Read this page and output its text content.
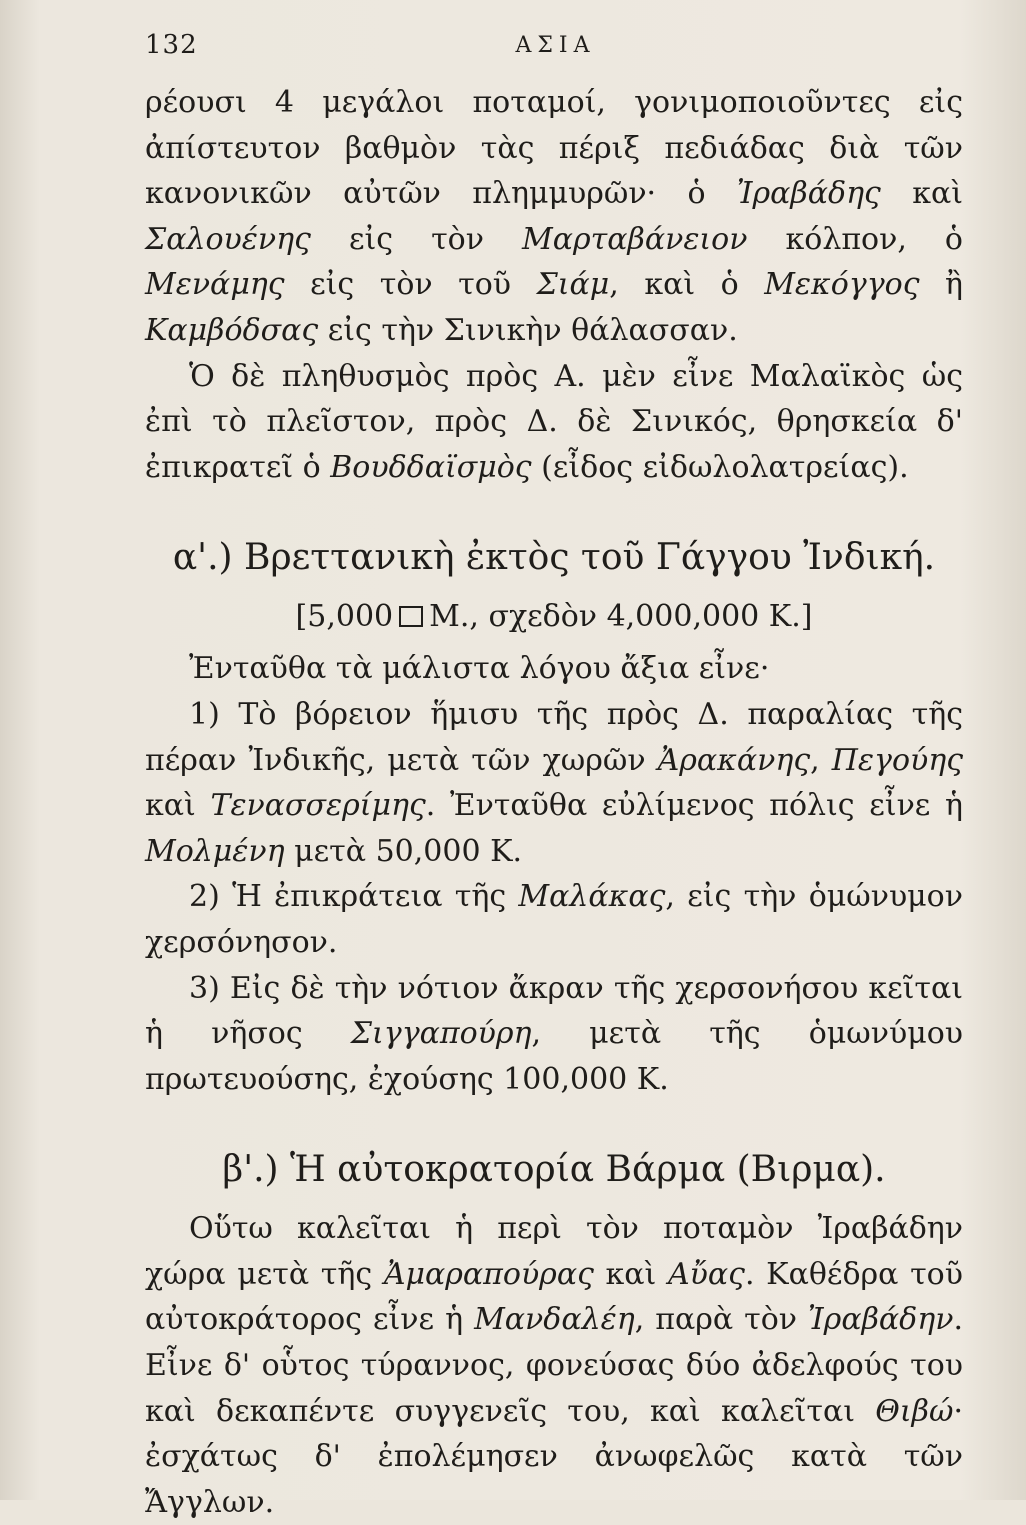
132	ΑΣΙΑ

ρέουσι 4 μεγάλοι ποταμοί, γονιμοποιοῦντες εἰς ἀπίστευτον βαθμὸν τὰς πέριξ πεδιάδας διὰ τῶν κανονικῶν αὐτῶν πλημμυρῶν· ὁ Ἰραβάδης καὶ Σαλουένης εἰς τὸν Μαρταβάνειον κόλπον, ὁ Μενάμης εἰς τὸν τοῦ Σιάμ, καὶ ὁ Μεκόγγος ἢ Καμβόδσας εἰς τὴν Σινικὴν θάλασσαν.

Ὁ δὲ πληθυσμὸς πρὸς Α. μὲν εἶνε Μαλαϊκὸς ὡς ἐπὶ τὸ πλεῖστον, πρὸς Δ. δὲ Σινικός, θρησκεία δ' ἐπικρατεῖ ὁ Βουδδαϊσμὸς (εἶδος εἰδωλολατρείας).

α'.) Βρεττανικὴ ἐκτὸς τοῦ Γάγγου Ἰνδική.
[5,000 Μ., σχεδὸν 4,000,000 Κ.]

Ἐνταῦθα τὰ μάλιστα λόγου ἄξια εἶνε·

1) Τὸ βόρειον ἥμισυ τῆς πρὸς Δ. παραλίας τῆς πέραν Ἰνδικῆς, μετὰ τῶν χωρῶν Ἀρακάνης, Πεγούης καὶ Τενασσερίμης. Ἐνταῦθα εὐλίμενος πόλις εἶνε ἡ Μολμένη μετὰ 50,000 Κ.

2) Ἡ ἐπικράτεια τῆς Μαλάκας, εἰς τὴν ὁμώνυμον χερσόνησον.

3) Εἰς δὲ τὴν νότιον ἄκραν τῆς χερσονήσου κεῖται ἡ νῆσος Σιγγαπούρη, μετὰ τῆς ὁμωνύμου πρωτευούσης, ἐχούσης 100,000 Κ.

β'.) Ἡ αὐτοκρατορία Βάρμα (Βιρμα).

Οὕτω καλεῖται ἡ περὶ τὸν ποταμὸν Ἰραβάδην χώρα μετὰ τῆς Ἀμαραπούρας καὶ Αὔας. Καθέδρα τοῦ αὐτοκράτορος εἶνε ἡ Μανδαλέη, παρὰ τὸν Ἰραβάδην. Εἶνε δ' οὗτος τύραννος, φονεύσας δύο ἀδελφούς του καὶ δεκαπέντε συγγενεῖς του, καὶ καλεῖται Θιβώ· ἐσχάτως δ' ἐπολέμησεν ἀνωφελῶς κατὰ τῶν Ἄγγλων.
